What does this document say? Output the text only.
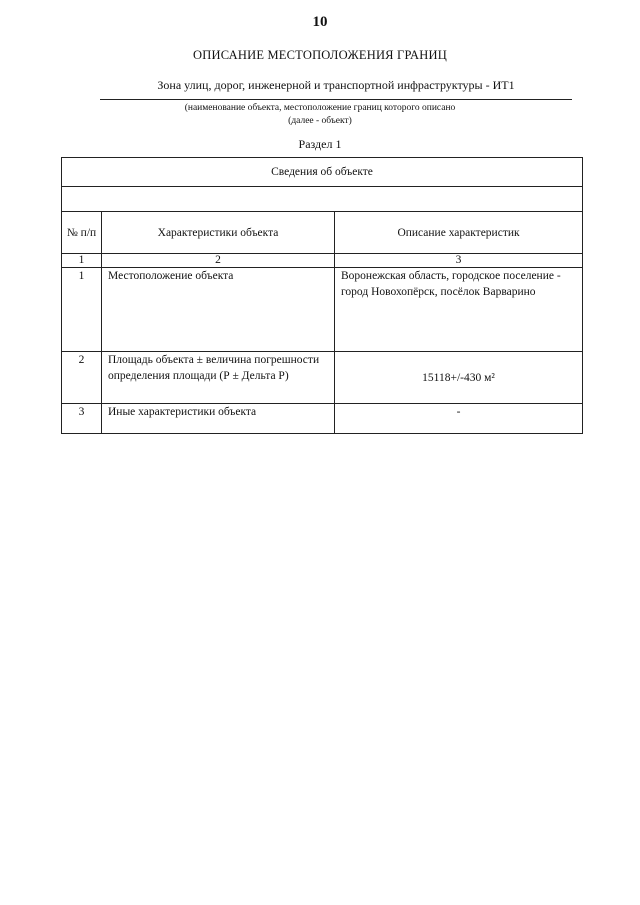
10
ОПИСАНИЕ МЕСТОПОЛОЖЕНИЯ ГРАНИЦ
Зона улиц, дорог, инженерной и транспортной инфраструктуры - ИТ1
(наименование объекта, местоположение границ которого описано
(далее - объект)
Раздел 1
Сведения об объекте		

№ п/п	Характеристики объекта	Описание характеристик
1	2	3
1	Местоположение объекта	Воронежская область, городское поселение - город Новохопёрск, посёлок Варварино
2	Площадь объекта ± величина погрешности определения площади (Р ± Дельта Р)	15118+/-430 м²
3	Иные характеристики объекта	-
